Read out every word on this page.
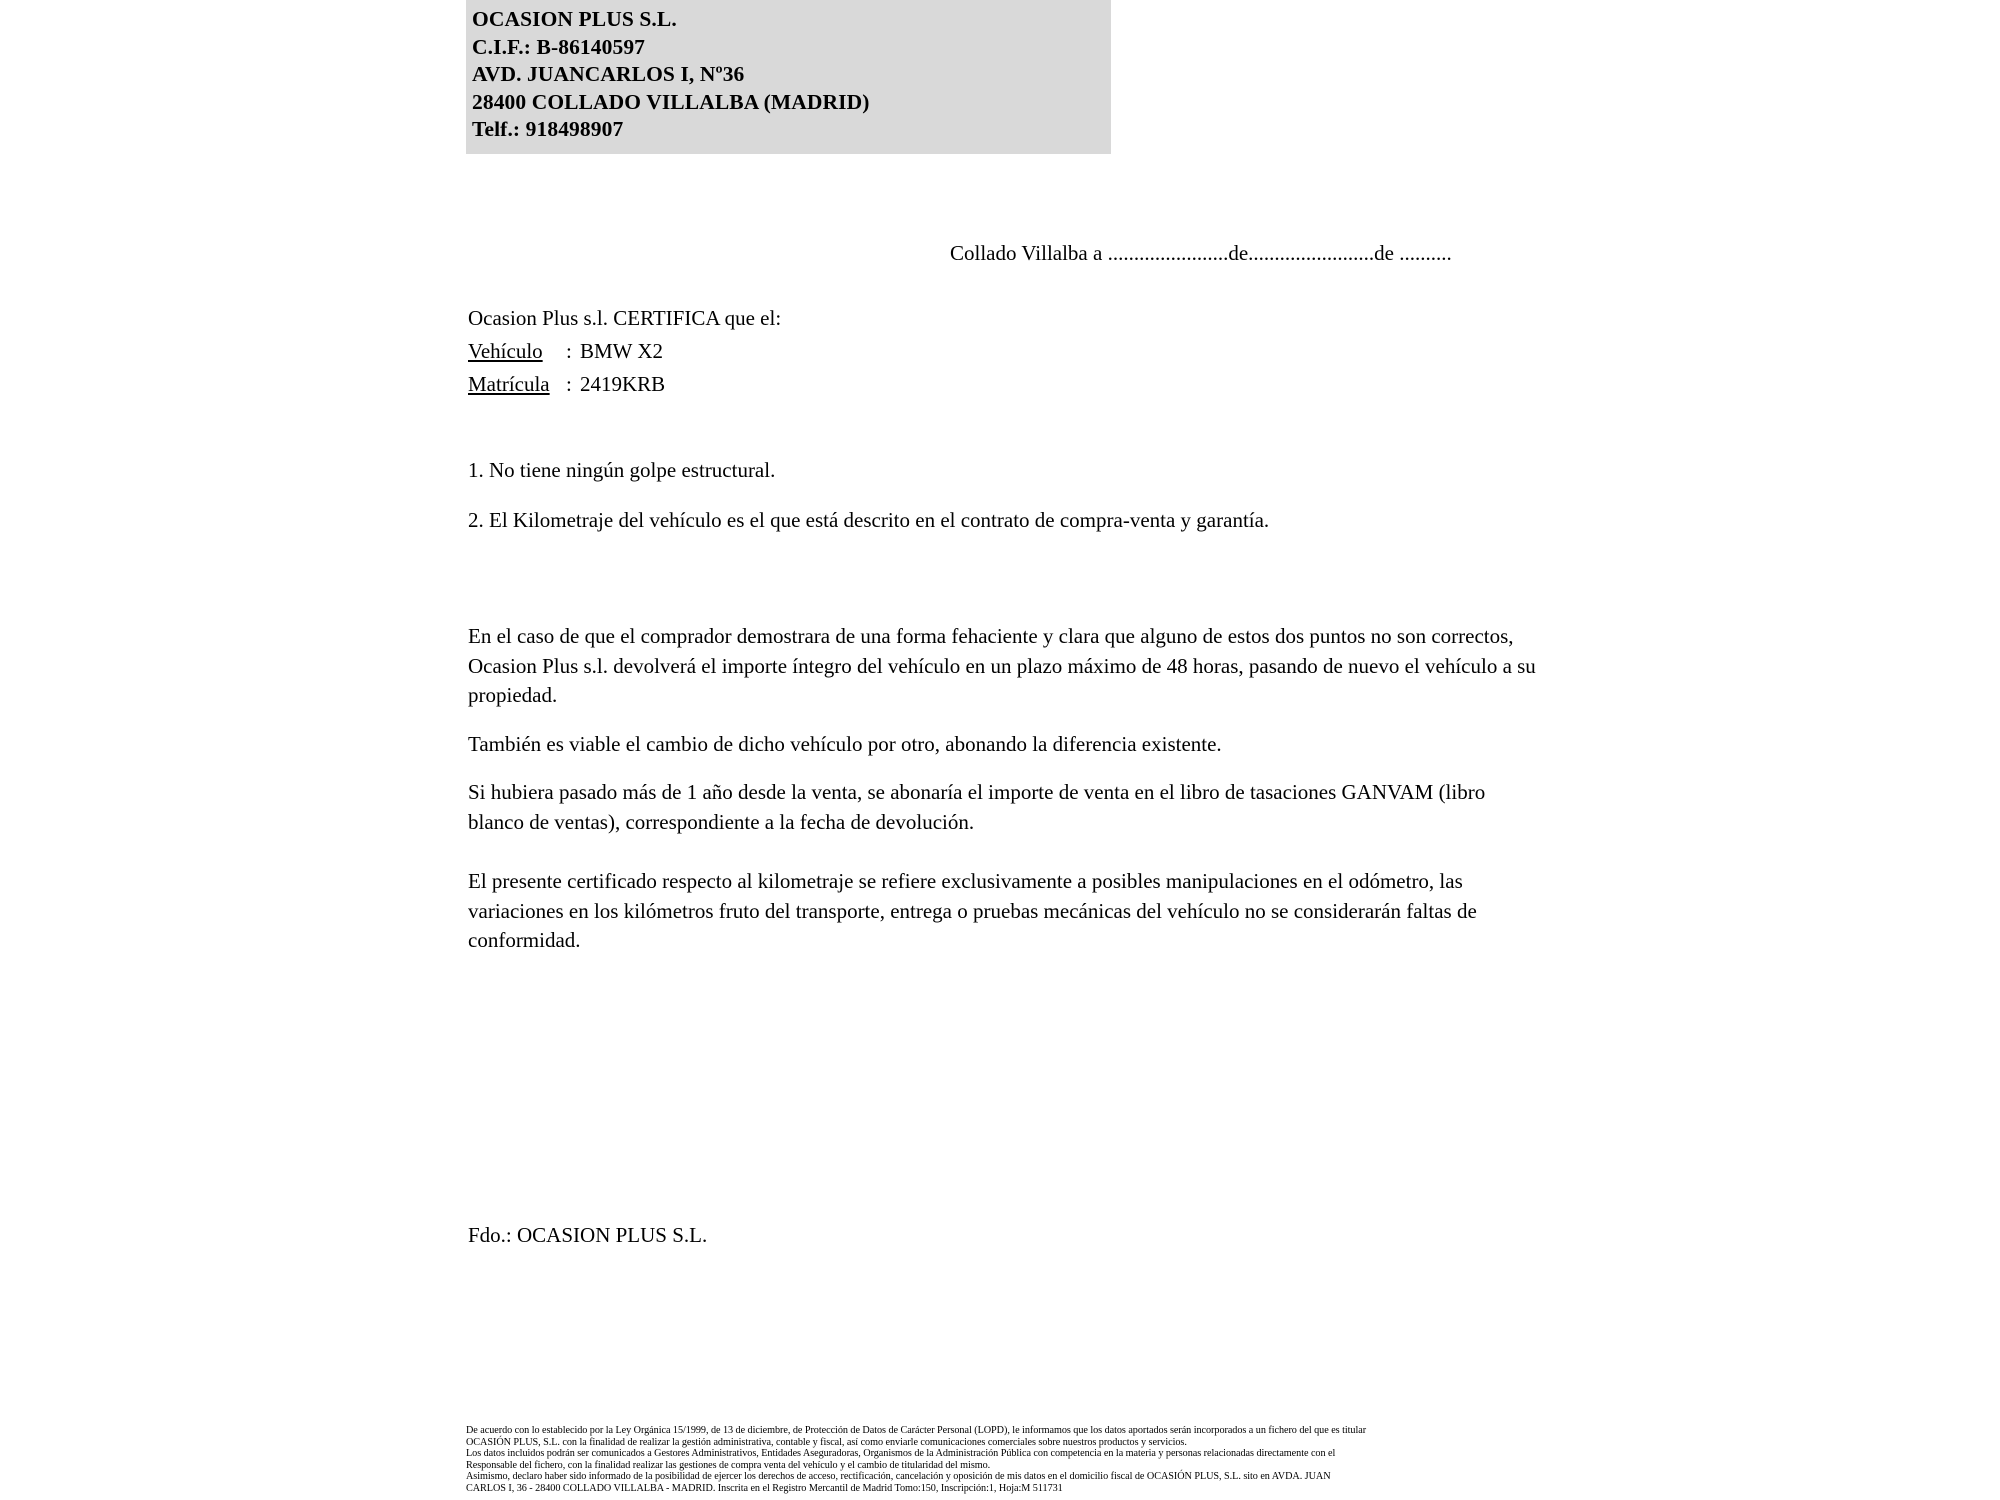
OCASION PLUS S.L.
C.I.F.: B-86140597
AVD. JUANCARLOS I, Nº36
28400 COLLADO VILLALBA (MADRID)
Telf.: 918498907
Collado Villalba a .......................de........................de ..........
Ocasion Plus s.l. CERTIFICA que el:
Vehículo	: BMW X2
Matrícula : 2419KRB
1. No tiene ningún golpe estructural.
2. El Kilometraje del vehículo es el que está descrito en el contrato de compra-venta y garantía.
En el caso de que el comprador demostrara de una forma fehaciente y clara que alguno de estos dos puntos no son correctos, Ocasion Plus s.l. devolverá el importe íntegro del vehículo en un plazo máximo de 48 horas, pasando de nuevo el vehículo a su propiedad.
También es viable el cambio de dicho vehículo por otro, abonando la diferencia existente.
Si hubiera pasado más de 1 año desde la venta, se abonaría el importe de venta en el libro de tasaciones GANVAM (libro blanco de ventas), correspondiente a la fecha de devolución.
El presente certificado respecto al kilometraje se refiere exclusivamente a posibles manipulaciones en el odómetro, las variaciones en los kilómetros fruto del transporte, entrega o pruebas mecánicas del vehículo no se considerarán faltas de conformidad.
Fdo.: OCASION PLUS S.L.

De acuerdo con lo establecido por la Ley Orgánica 15/1999, de 13 de diciembre, de Protección de Datos de Carácter Personal (LOPD), le informamos que los datos aportados serán incorporados a un fichero del que es titular

OCASIÓN PLUS, S.L. con la finalidad de realizar la gestión administrativa, contable y fiscal, así como enviarle comunicaciones comerciales sobre nuestros productos y servicios.

Los datos incluidos podrán ser comunicados a Gestores Administrativos, Entidades Aseguradoras, Organismos de la Administración Pública con competencia en la materia y personas relacionadas directamente con el

Responsable del fichero, con la finalidad realizar las gestiones de compra venta del vehículo y el cambio de titularidad del mismo.

Asimismo, declaro haber sido informado de la posibilidad de ejercer los derechos de acceso, rectificación, cancelación y oposición de mis datos en el domicilio fiscal de OCASIÓN PLUS, S.L. sito en AVDA. JUAN

CARLOS I, 36 - 28400 COLLADO VILLALBA - MADRID. Inscrita en el Registro Mercantil de Madrid Tomo:150, Inscripción:1, Hoja:M 511731
